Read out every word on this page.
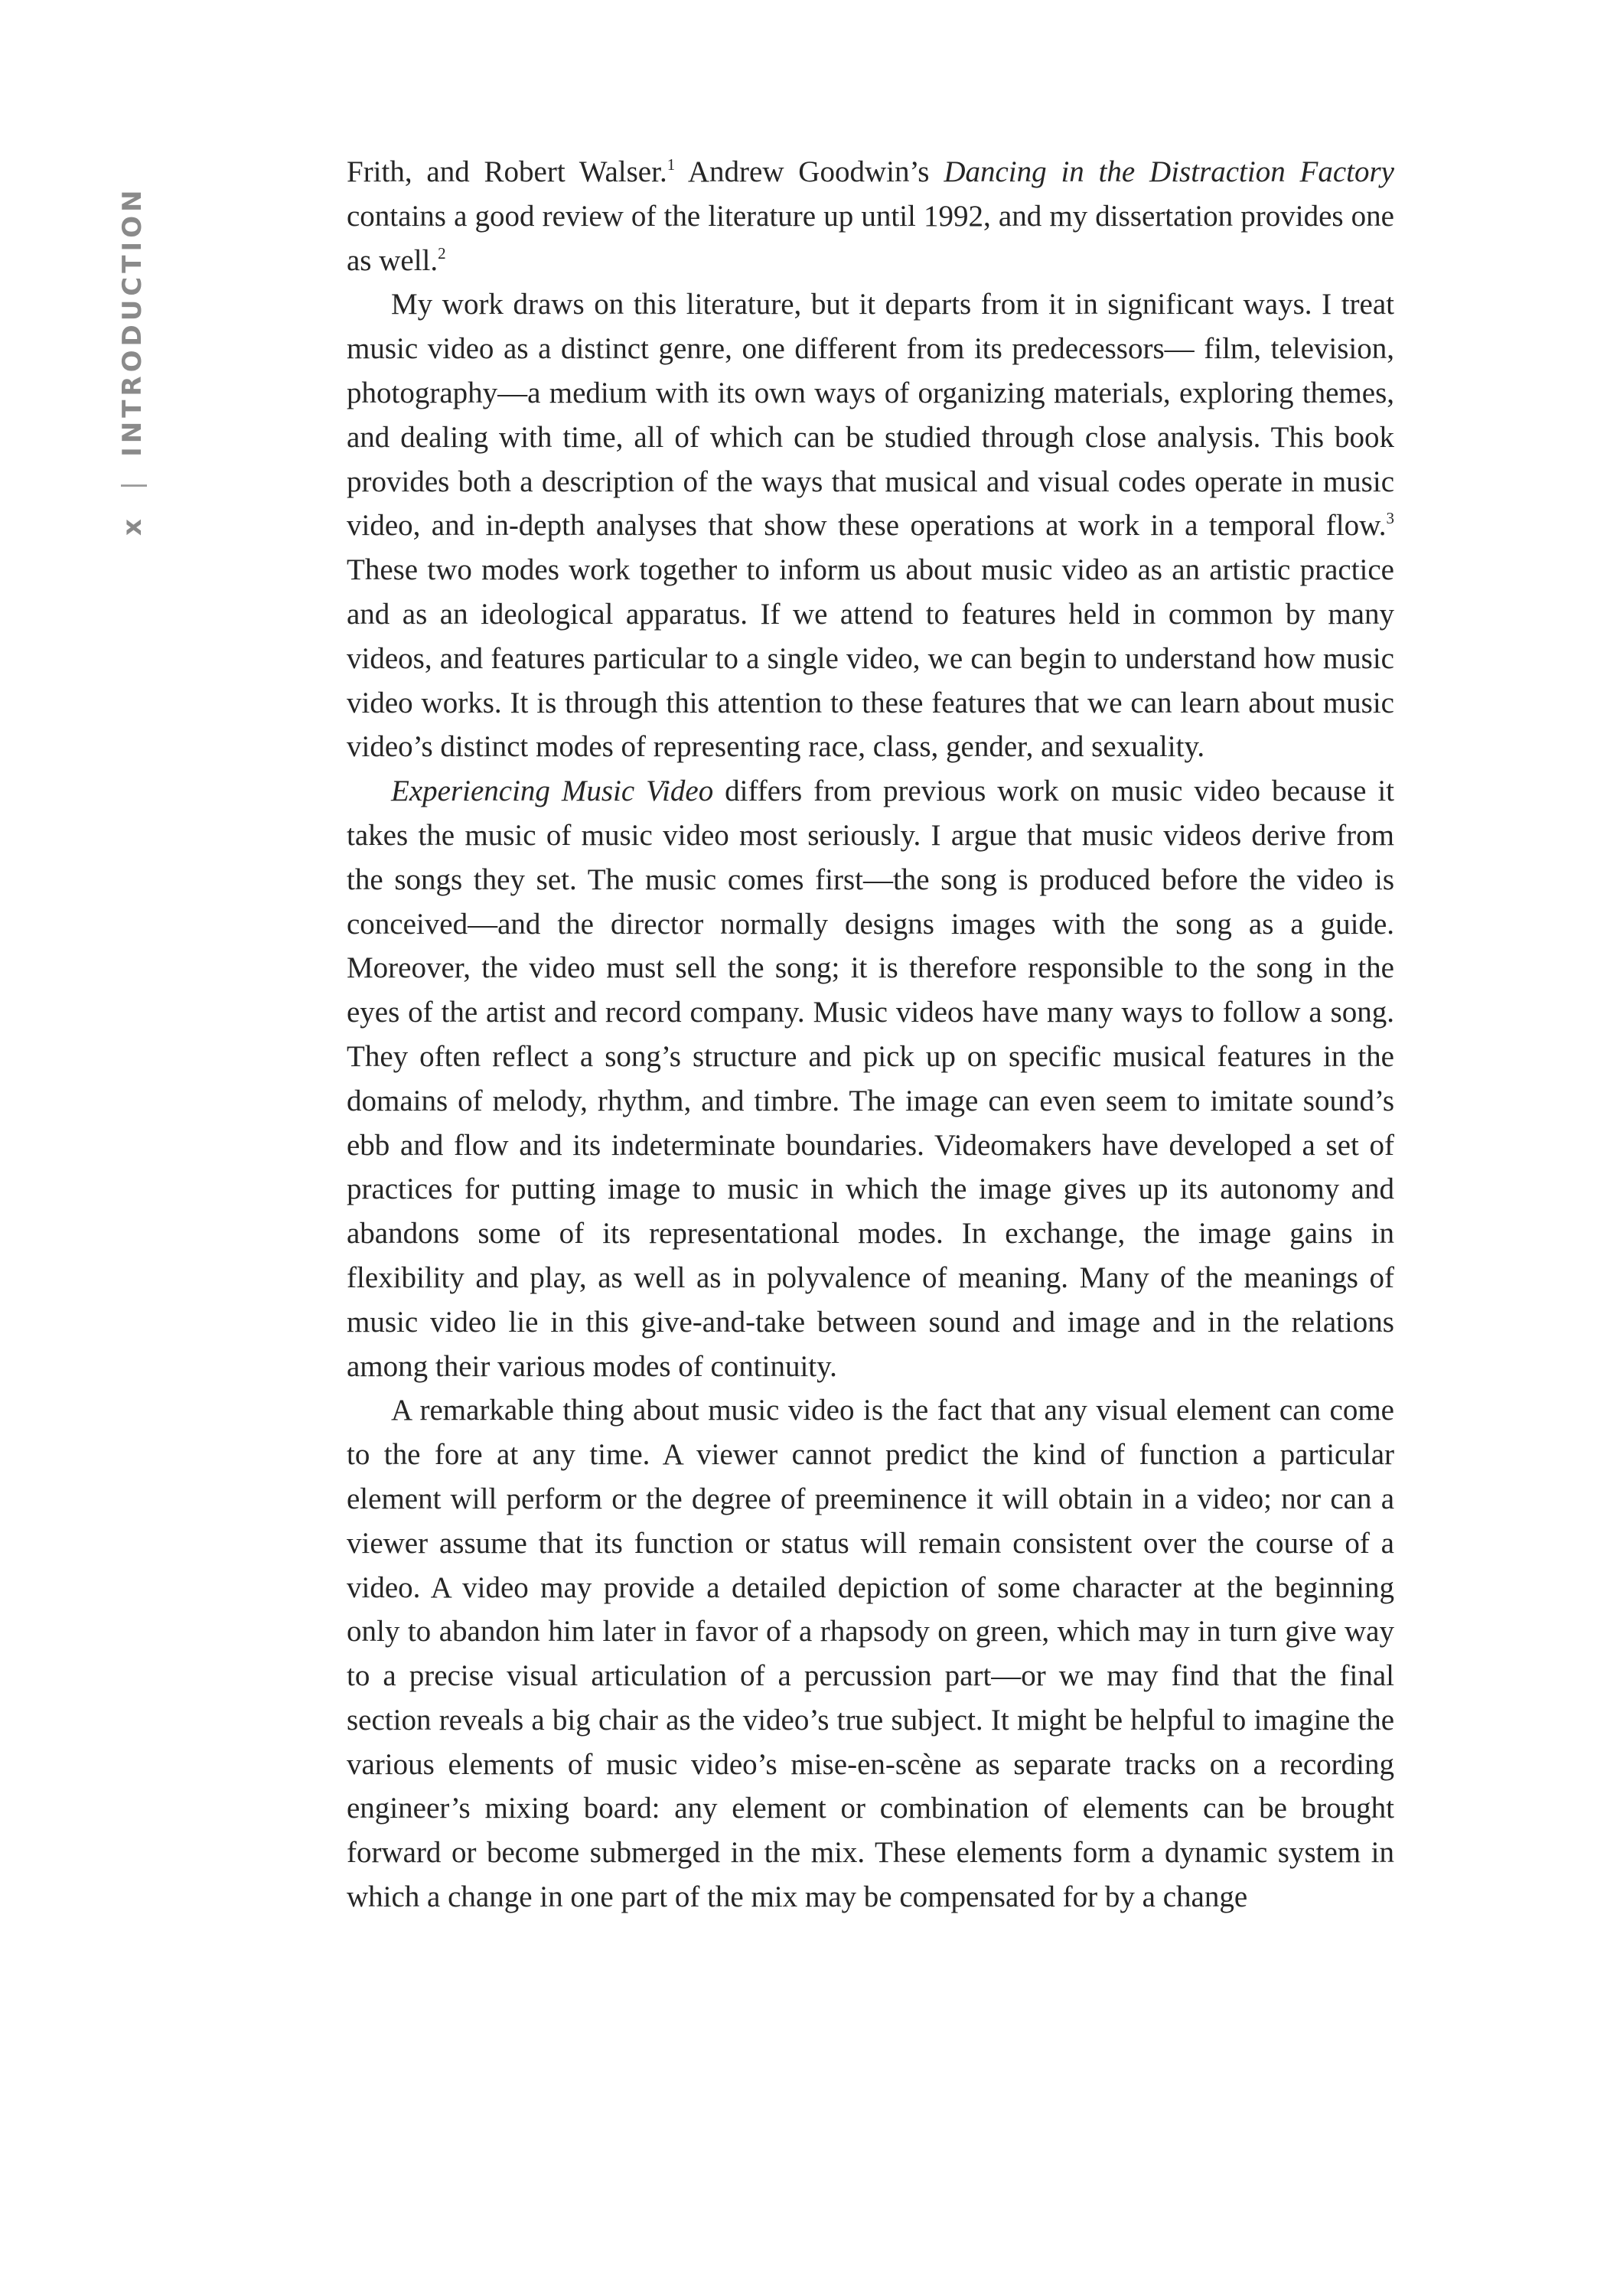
x | INTRODUCTION

Frith, and Robert Walser.$^1$ Andrew Goodwin’s Dancing in the Distraction Factory contains a good review of the literature up until 1992, and my dissertation provides one as well.$^2$

My work draws on this literature, but it departs from it in significant ways. I treat music video as a distinct genre, one different from its predecessors— film, television, photography—a medium with its own ways of organizing materials, exploring themes, and dealing with time, all of which can be studied through close analysis. This book provides both a description of the ways that musical and visual codes operate in music video, and in-depth analyses that show these operations at work in a temporal flow.$^3$ These two modes work together to inform us about music video as an artistic practice and as an ideological apparatus. If we attend to features held in common by many videos, and features particular to a single video, we can begin to understand how music video works. It is through this attention to these features that we can learn about music video’s distinct modes of representing race, class, gender, and sexuality.

Experiencing Music Video differs from previous work on music video because it takes the music of music video most seriously. I argue that music videos derive from the songs they set. The music comes first—the song is produced before the video is conceived—and the director normally designs images with the song as a guide. Moreover, the video must sell the song; it is therefore responsible to the song in the eyes of the artist and record company. Music videos have many ways to follow a song. They often reflect a song’s structure and pick up on specific musical features in the domains of melody, rhythm, and timbre. The image can even seem to imitate sound’s ebb and flow and its indeterminate boundaries. Videomakers have developed a set of practices for putting image to music in which the image gives up its autonomy and abandons some of its representational modes. In exchange, the image gains in flexibility and play, as well as in polyvalence of meaning. Many of the meanings of music video lie in this give-and-take between sound and image and in the relations among their various modes of continuity.

A remarkable thing about music video is the fact that any visual element can come to the fore at any time. A viewer cannot predict the kind of function a particular element will perform or the degree of preeminence it will obtain in a video; nor can a viewer assume that its function or status will remain consistent over the course of a video. A video may provide a detailed depiction of some character at the beginning only to abandon him later in favor of a rhapsody on green, which may in turn give way to a precise visual articulation of a percussion part—or we may find that the final section reveals a big chair as the video’s true subject. It might be helpful to imagine the various elements of music video’s mise-en-scène as separate tracks on a recording engineer’s mixing board: any element or combination of elements can be brought forward or become submerged in the mix. These elements form a dynamic system in which a change in one part of the mix may be compensated for by a change
